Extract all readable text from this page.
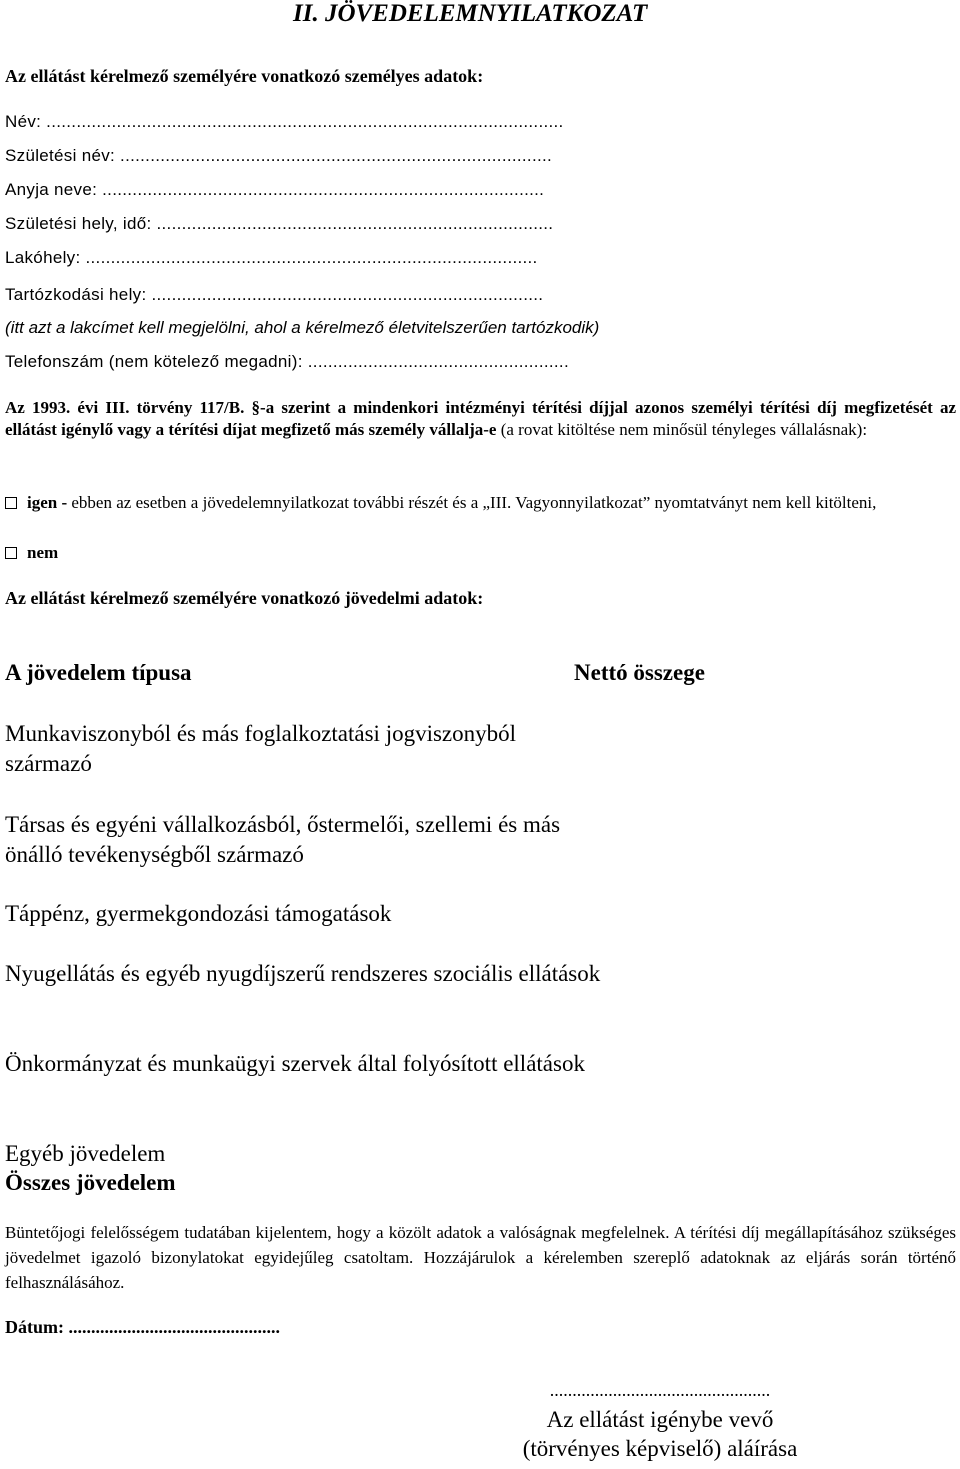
II. JÖVEDELEMNYILATKOZAT
Az ellátást kérelmező személyére vonatkozó személyes adatok:
Név: .......................................................................................................
Születési név: ......................................................................................
Anyja neve: ........................................................................................
Születési hely, idő: ...............................................................................
Lakóhely: ..........................................................................................
Tartózkodási hely: ..............................................................................
(itt azt a lakcímet kell megjelölni, ahol a kérelmező életvitelszerűen tartózkodik)
Telefonszám (nem kötelező megadni): ....................................................
Az 1993. évi III. törvény 117/B. §-a szerint a mindenkori intézményi térítési díjjal azonos személyi térítési díj megfizetését az ellátást igénylő vagy a térítési díjat megfizető más személy vállalja-e (a rovat kitöltése nem minősül tényleges vállalásnak):
igen - ebben az esetben a jövedelemnyilatkozat további részét és a „III. Vagyonnyilatkozat” nyomtatványt nem kell kitölteni,
nem
Az ellátást kérelmező személyére vonatkozó jövedelmi adatok:
A jövedelem típusa	Nettó összege
Munkaviszonyból és más foglalkoztatási jogviszonyból származó
Társas és egyéni vállalkozásból, őstermelői, szellemi és más önálló tevékenységből származó
Táppénz, gyermekgondozási támogatások
Nyugellátás és egyéb nyugdíjszerű rendszeres szociális ellátások
Önkormányzat és munkaügyi szervek által folyósított ellátások
Egyéb jövedelem
Összes jövedelem
Büntetőjogi felelősségem tudatában kijelentem, hogy a közölt adatok a valóságnak megfelelnek. A térítési díj megállapításához szükséges jövedelmet igazoló bizonylatokat egyidejűleg csatoltam. Hozzájárulok a kérelemben szereplő adatoknak az eljárás során történő felhasználásához.
Dátum: ...............................................
.................................................
Az ellátást igénybe vevő
(törvényes képviselő) aláírása
